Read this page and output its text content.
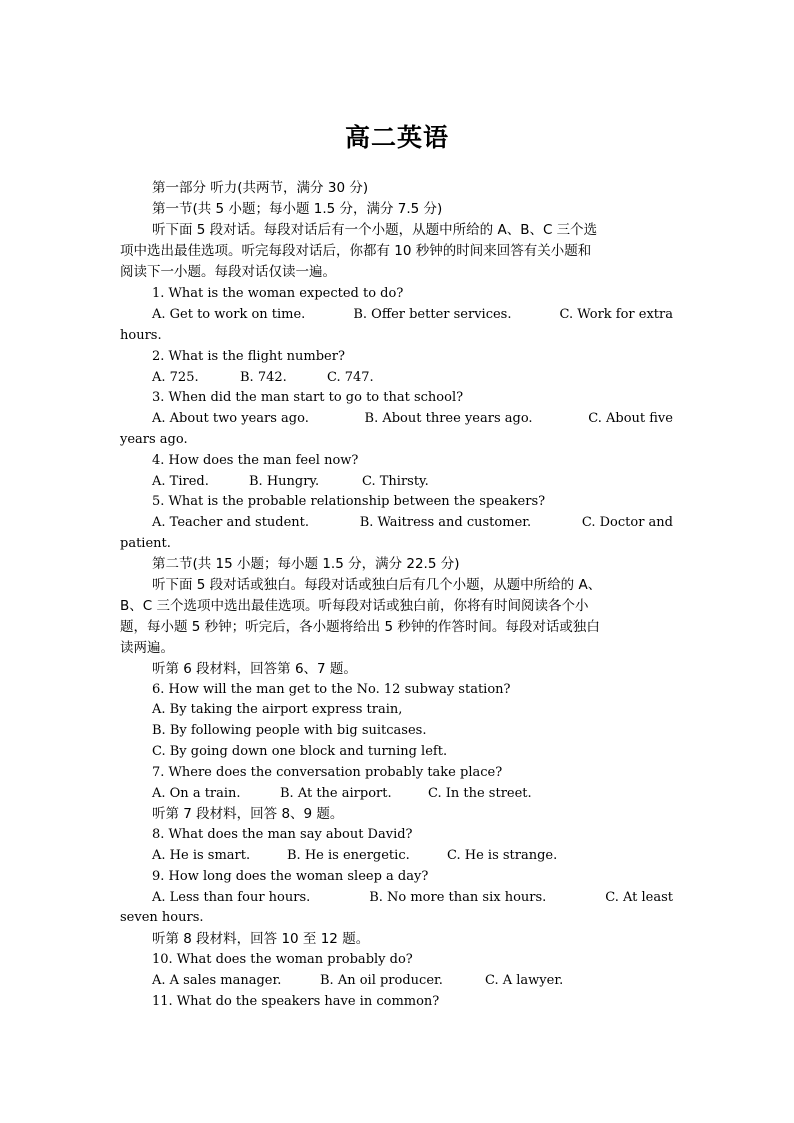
高二英语
第一部分 听力(共两节，满分 30 分)
第一节(共 5 小题；每小题 1.5 分，满分 7.5 分)
听下面 5 段对话。每段对话后有一个小题，从题中所给的 A、B、C 三个选
项中选出最佳选项。听完每段对话后，你都有 10 秒钟的时间来回答有关小题和
阅读下一小题。每段对话仅读一遍。
1. What is the woman expected to do?
A. Get to work on time.	B. Offer better services.	C. Work for extra
hours.
2. What is the flight number?
A. 725.	B. 742.	C. 747.
3. When did the man start to go to that school?
A. About two years ago.	B. About three years ago.	C. About five
years ago.
4. How does the man feel now?
A. Tired.	B. Hungry.	C. Thirsty.
5. What is the probable relationship between the speakers?
A. Teacher and student.	B. Waitress and customer.	C. Doctor and
patient.
第二节(共 15 小题；每小题 1.5 分，满分 22.5 分)
听下面 5 段对话或独白。每段对话或独白后有几个小题，从题中所给的 A、
B、C 三个选项中选出最佳选项。听每段对话或独白前，你将有时间阅读各个小
题，每小题 5 秒钟；听完后，各小题将给出 5 秒钟的作答时间。每段对话或独白
读两遍。
听第 6 段材料，回答第 6、7 题。
6. How will the man get to the No. 12 subway station?
A. By taking the airport express train,
B. By following people with big suitcases.
C. By going down one block and turning left.
7. Where does the conversation probably take place?
A. On a train.	B. At the airport.	C. In the street.
听第 7 段材料，回答 8、9 题。
8. What does the man say about David?
A. He is smart.	B. He is energetic.	C. He is strange.
9. How long does the woman sleep a day?
A. Less than four hours.	B. No more than six hours.	C. At least
seven hours.
听第 8 段材料，回答 10 至 12 题。
10. What does the woman probably do?
A. A sales manager.	B. An oil producer.	C. A lawyer.
11. What do the speakers have in common?
